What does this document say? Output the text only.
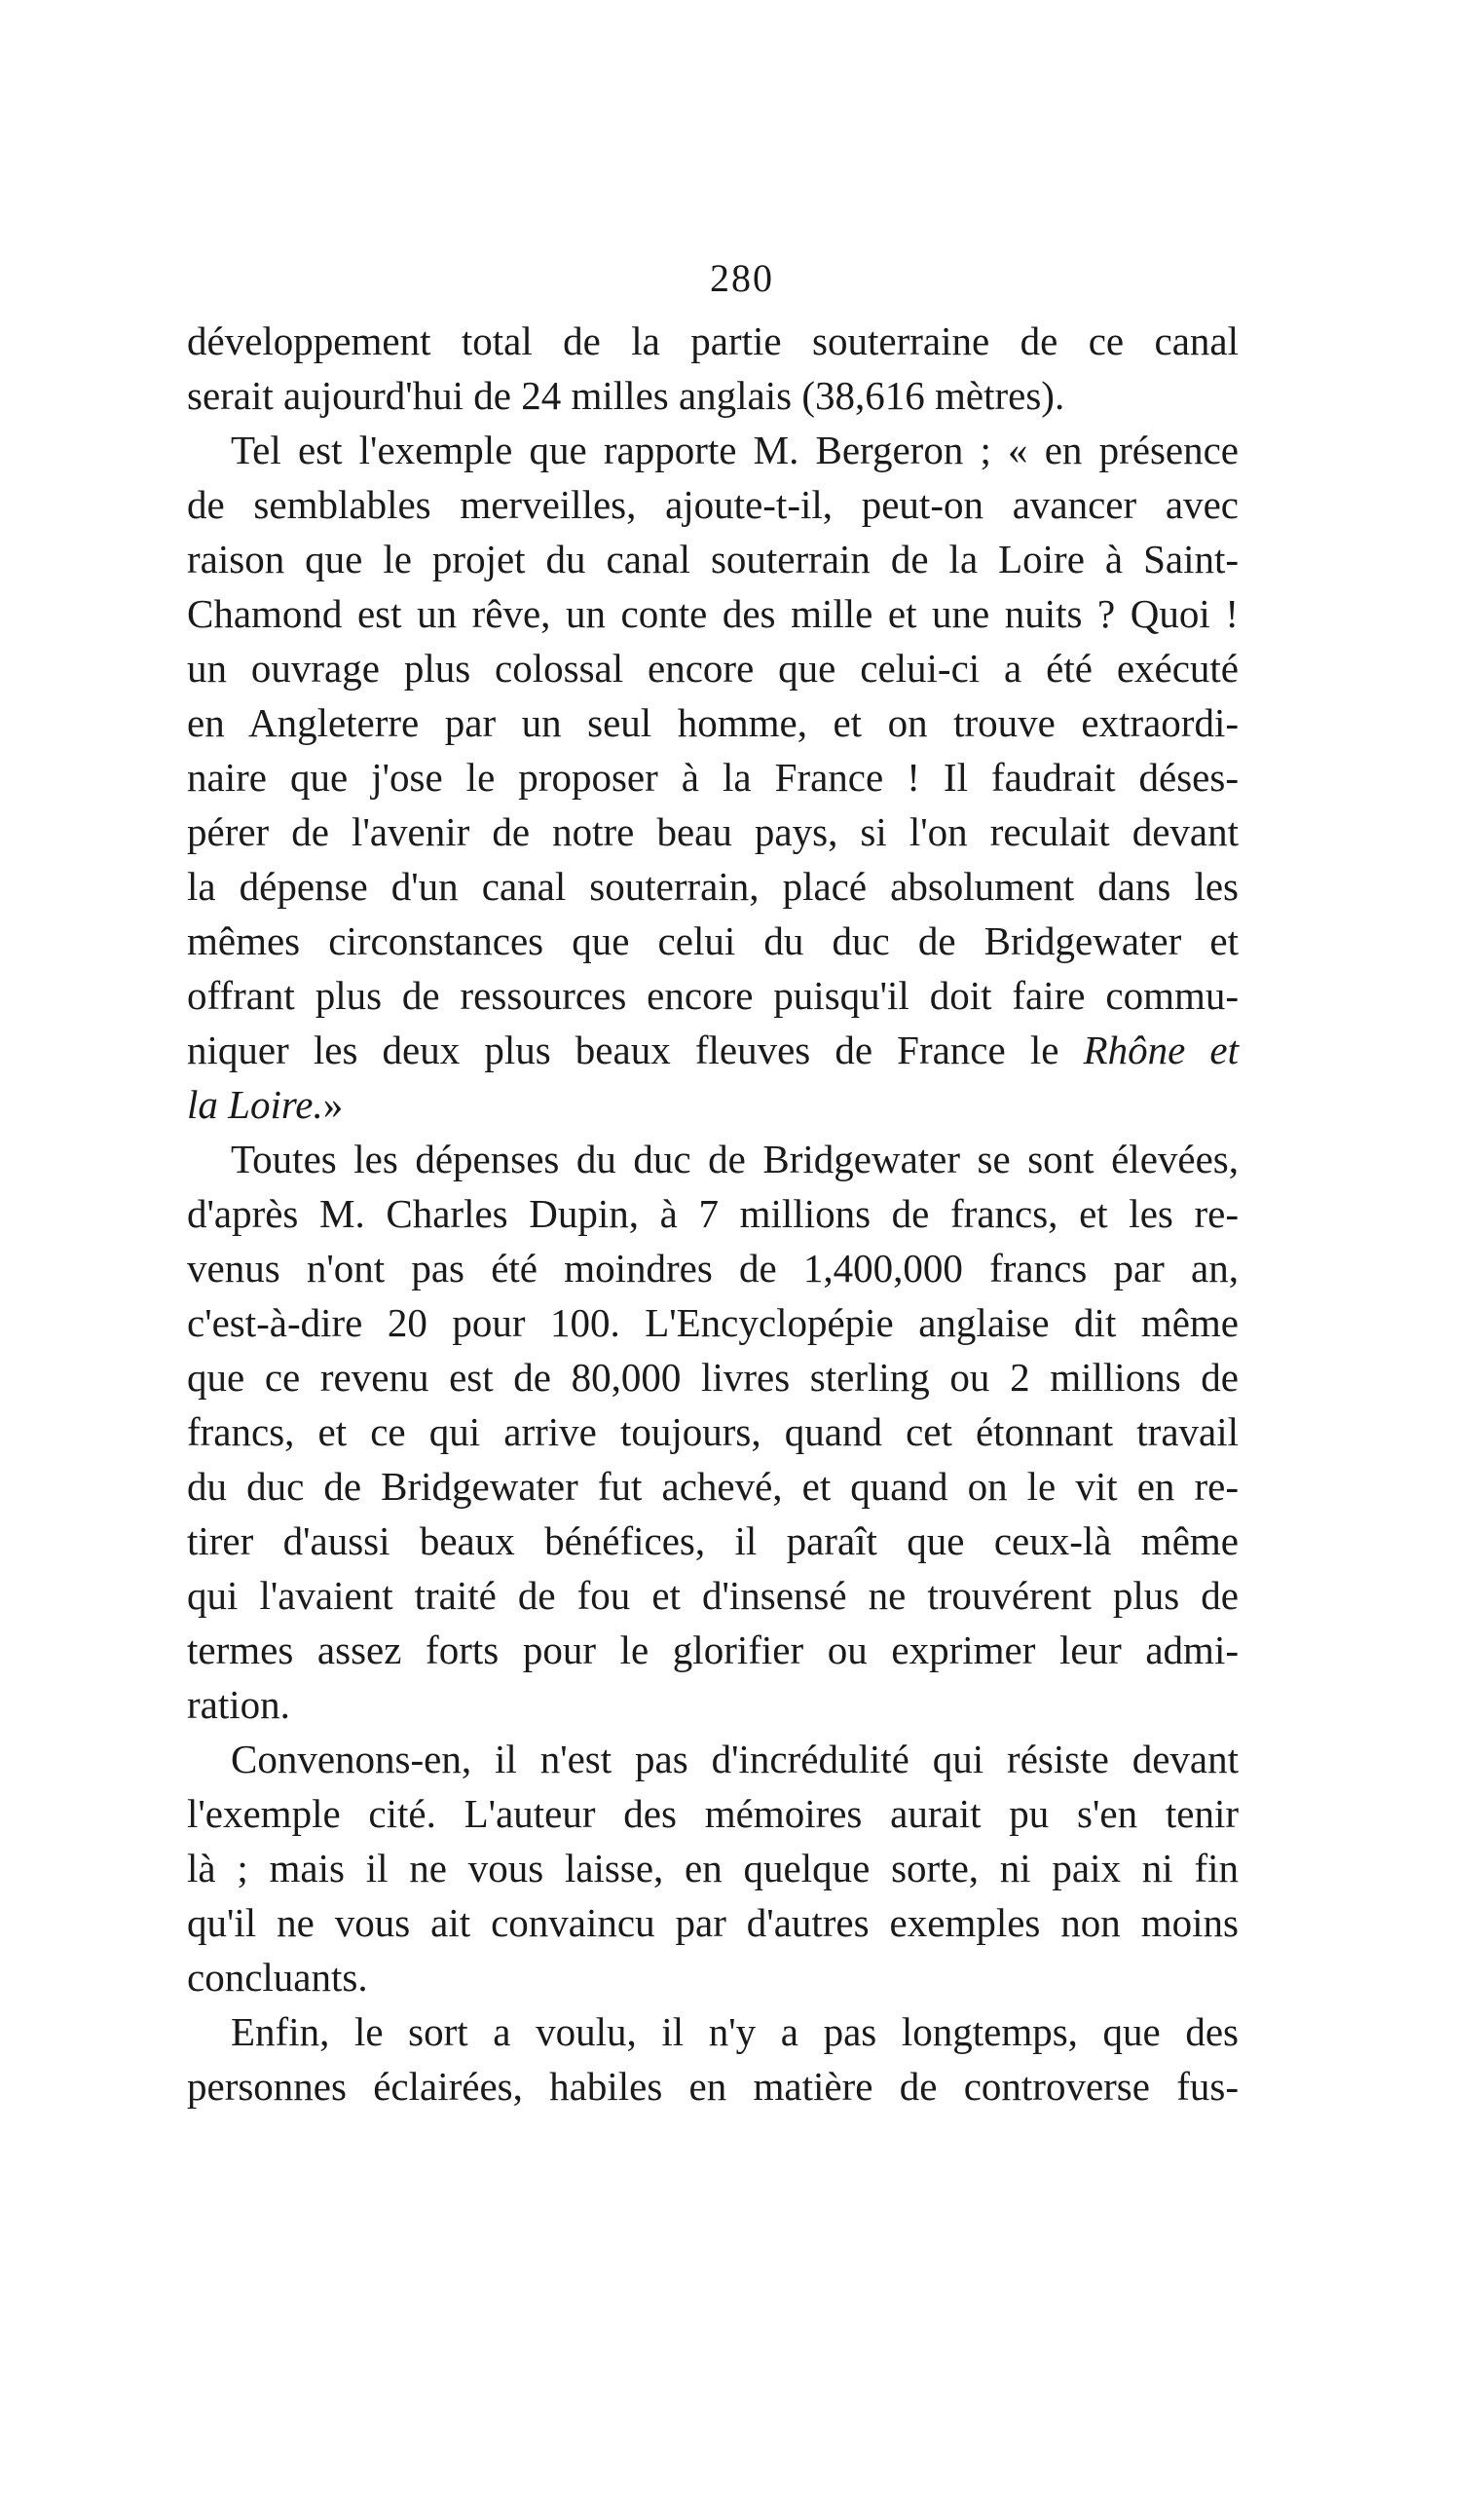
280
développement total de la partie souterraine de ce canal
serait aujourd'hui de 24 milles anglais (38,616 mètres).
Tel est l'exemple que rapporte M. Bergeron ; « en présence
de semblables merveilles, ajoute-t-il, peut-on avancer avec
raison que le projet du canal souterrain de la Loire à Saint-
Chamond est un rêve, un conte des mille et une nuits ? Quoi !
un ouvrage plus colossal encore que celui-ci a été exécuté
en Angleterre par un seul homme, et on trouve extraordi-
naire que j'ose le proposer à la France ! Il faudrait déses-
pérer de l'avenir de notre beau pays, si l'on reculait devant
la dépense d'un canal souterrain, placé absolument dans les
mêmes circonstances que celui du duc de Bridgewater et
offrant plus de ressources encore puisqu'il doit faire commu-
niquer les deux plus beaux fleuves de France le Rhône et
la Loire.»
Toutes les dépenses du duc de Bridgewater se sont élevées,
d'après M. Charles Dupin, à 7 millions de francs, et les re-
venus n'ont pas été moindres de 1,400,000 francs par an,
c'est-à-dire 20 pour 100. L'Encyclopépie anglaise dit même
que ce revenu est de 80,000 livres sterling ou 2 millions de
francs, et ce qui arrive toujours, quand cet étonnant travail
du duc de Bridgewater fut achevé, et quand on le vit en re-
tirer d'aussi beaux bénéfices, il paraît que ceux-là même
qui l'avaient traité de fou et d'insensé ne trouvérent plus de
termes assez forts pour le glorifier ou exprimer leur admi-
ration.
Convenons-en, il n'est pas d'incrédulité qui résiste devant
l'exemple cité. L'auteur des mémoires aurait pu s'en tenir
là ; mais il ne vous laisse, en quelque sorte, ni paix ni fin
qu'il ne vous ait convaincu par d'autres exemples non moins
concluants.
Enfin, le sort a voulu, il n'y a pas longtemps, que des
personnes éclairées, habiles en matière de controverse fus-
